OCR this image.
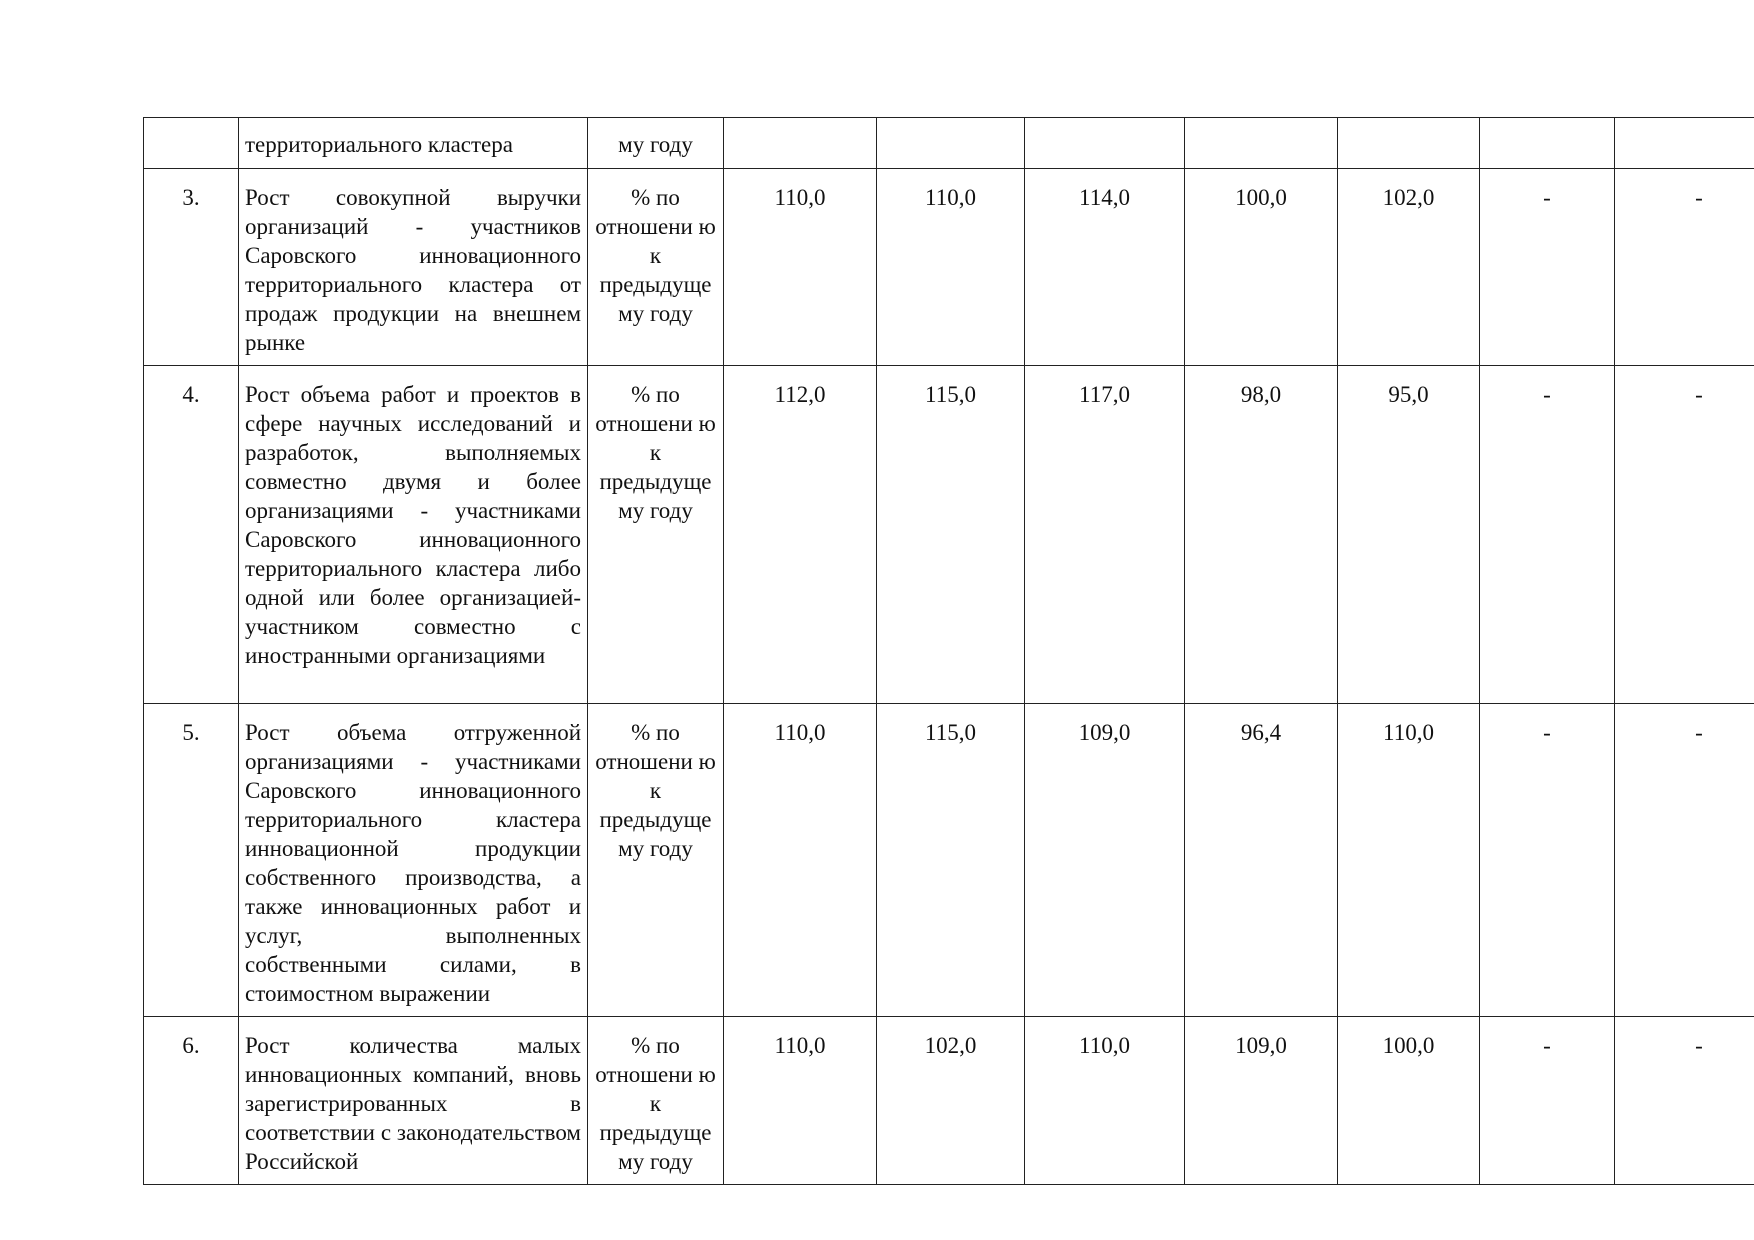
	территориального кластера	му году							
3.	Рост совокупной выручки организаций - участников Саровского инновационного территориального кластера от продаж продукции на внешнем рынке	% по отношени ю к предыдуще му году	110,0	110,0	114,0	100,0	102,0	-	-
4.	Рост объема работ и проектов в сфере научных исследований и разработок, выполняемых совместно двумя и более организациями - участниками Саровского инновационного территориального кластера либо одной или более организацией-участником совместно с иностранными организациями	% по отношени ю к предыдуще му году	112,0	115,0	117,0	98,0	95,0	-	-
5.	Рост объема отгруженной организациями - участниками Саровского инновационного территориального кластера инновационной продукции собственного производства, а также инновационных работ и услуг, выполненных собственными силами, в стоимостном выражении	% по отношени ю к предыдуще му году	110,0	115,0	109,0	96,4	110,0	-	-
6.	Рост количества малых инновационных компаний, вновь зарегистрированных в соответствии с законодательством Российской	% по отношени ю к предыдуще му году	110,0	102,0	110,0	109,0	100,0	-	-
